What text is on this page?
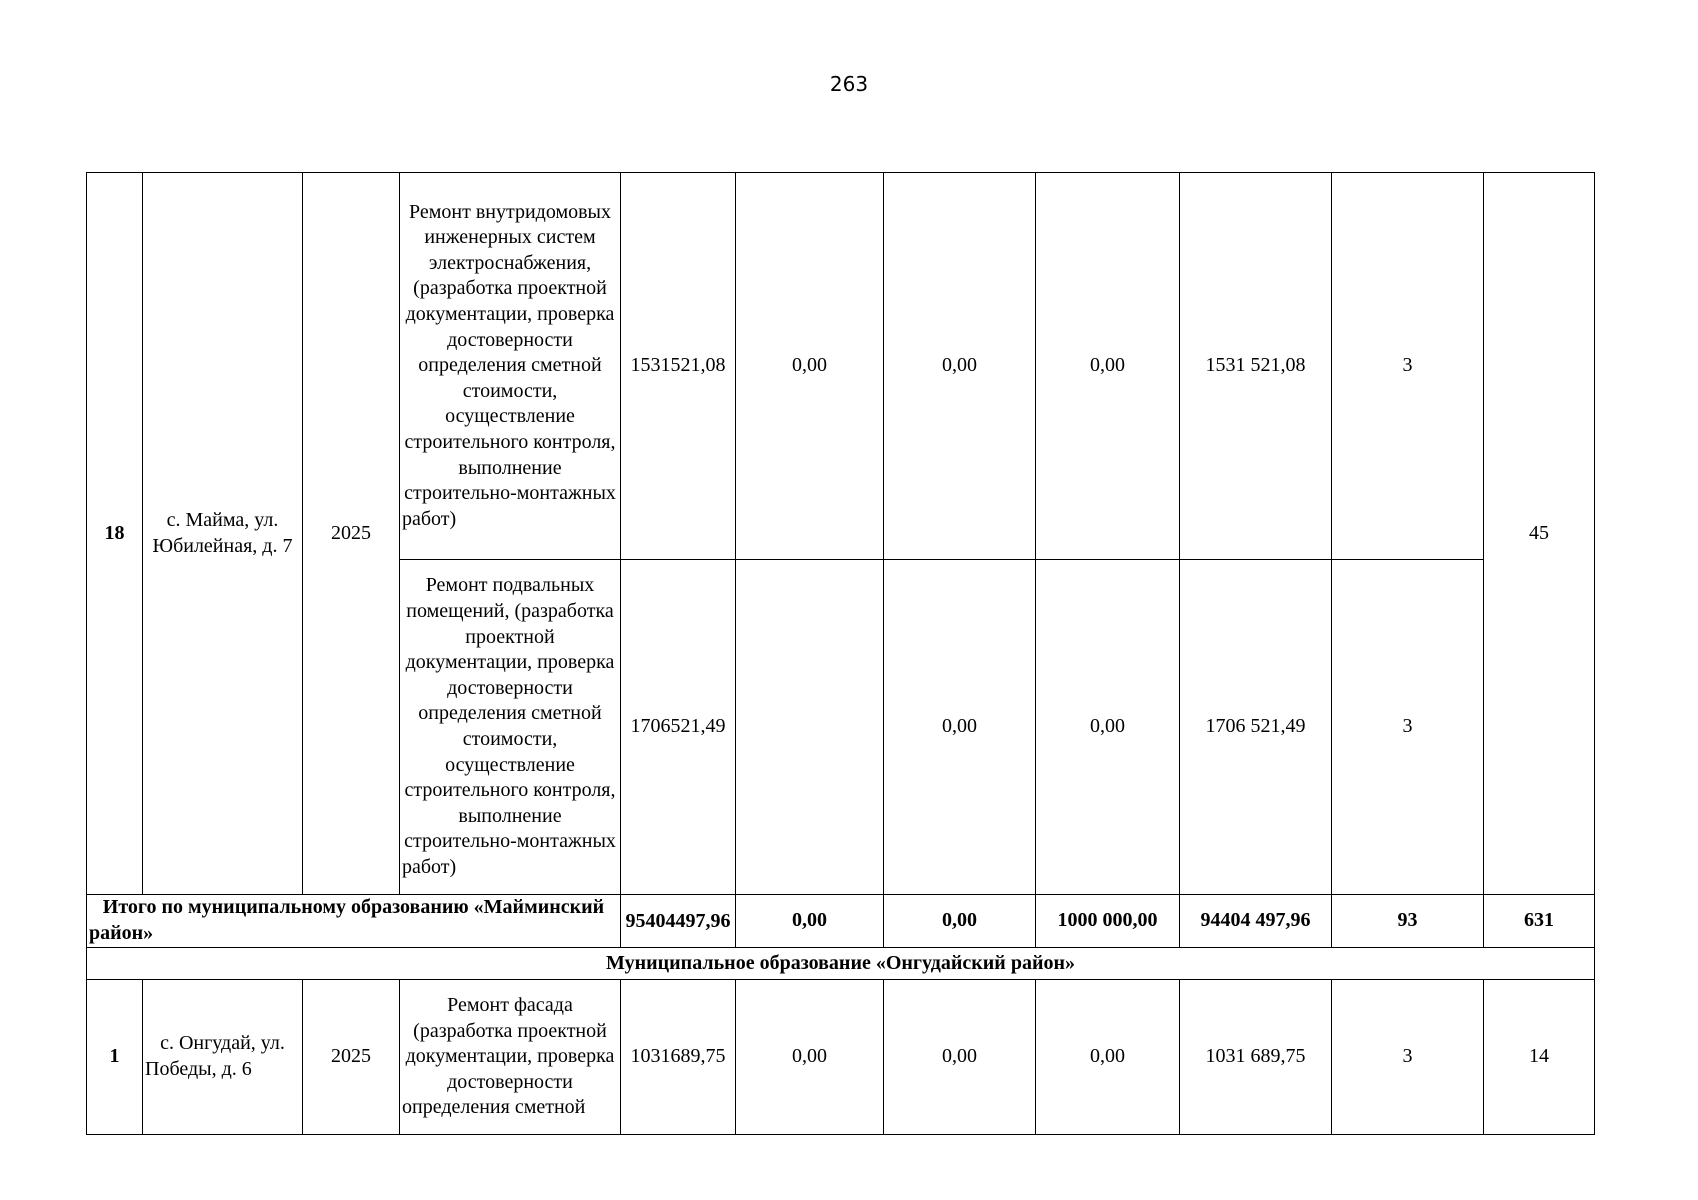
263
18	с. Майма, ул. Юбилейная, д. 7	2025	Ремонт внутридомовых инженерных систем электроснабжения, (разработка проектной документации, проверка достоверности определения сметной стоимости, осуществление строительного контроля, выполнение строительно-монтажных работ)	1531521,08	0,00	0,00	0,00	1531 521,08	3	45
			Ремонт подвальных помещений, (разработка проектной документации, проверка достоверности определения сметной стоимости, осуществление строительного контроля, выполнение строительно-монтажных работ)	1706521,49		0,00	0,00	1706 521,49	3	
Итого по муниципальному образованию «Майминский район»				95404497,96	0,00	0,00	1000 000,00	94404 497,96	93	631
Муниципальное образование «Онгудайский район»										
1	с. Онгудай, ул. Победы, д. 6	2025	Ремонт фасада (разработка проектной документации, проверка достоверности определения сметной	1031689,75	0,00	0,00	0,00	1031 689,75	3	14
